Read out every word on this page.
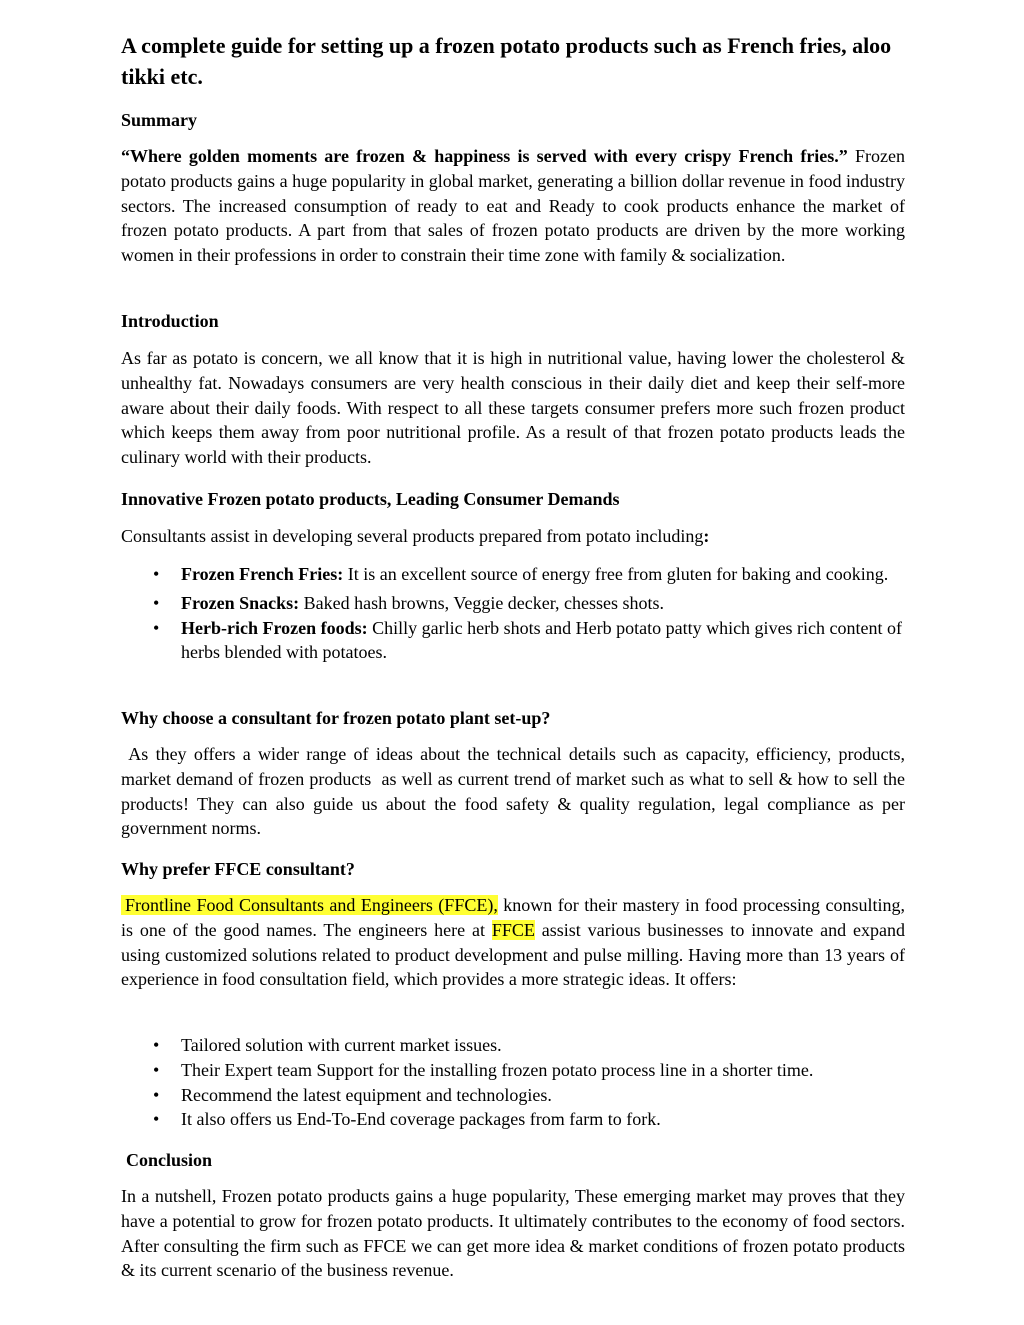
A complete guide for setting up a frozen potato products such as French fries, aloo tikki etc.
Summary

“Where golden moments are frozen & happiness is served with every crispy French fries.” Frozen potato products gains a huge popularity in global market, generating a billion dollar revenue in food industry sectors. The increased consumption of ready to eat and Ready to cook products enhance the market of frozen potato products. A part from that sales of frozen potato products are driven by the more working women in their professions in order to constrain their time zone with family & socialization.

Introduction

As far as potato is concern, we all know that it is high in nutritional value, having lower the cholesterol & unhealthy fat. Nowadays consumers are very health conscious in their daily diet and keep their self-more aware about their daily foods. With respect to all these targets consumer prefers more such frozen product which keeps them away from poor nutritional profile. As a result of that frozen potato products leads the culinary world with their products.

Innovative Frozen potato products, Leading Consumer Demands

Consultants assist in developing several products prepared from potato including:

• Frozen French Fries: It is an excellent source of energy free from gluten for baking and cooking.
• Frozen Snacks: Baked hash browns, Veggie decker, chesses shots.
• Herb-rich Frozen foods: Chilly garlic herb shots and Herb potato patty which gives rich content of herbs blended with potatoes.
Why choose a consultant for frozen potato plant set-up?

As they offers a wider range of ideas about the technical details such as capacity, efficiency, products, market demand of frozen products  as well as current trend of market such as what to sell & how to sell the products! They can also guide us about the food safety & quality regulation, legal compliance as per government norms.

Why prefer FFCE consultant?

Frontline Food Consultants and Engineers (FFCE), known for their mastery in food processing consulting, is one of the good names. The engineers here at FFCE assist various businesses to innovate and expand using customized solutions related to product development and pulse milling. Having more than 13 years of experience in food consultation field, which provides a more strategic ideas. It offers:

• Tailored solution with current market issues.
• Their Expert team Support for the installing frozen potato process line in a shorter time.
• Recommend the latest equipment and technologies.
• It also offers us End-To-End coverage packages from farm to fork.
Conclusion

In a nutshell, Frozen potato products gains a huge popularity, These emerging market may proves that they have a potential to grow for frozen potato products. It ultimately contributes to the economy of food sectors. After consulting the firm such as FFCE we can get more idea & market conditions of frozen potato products & its current scenario of the business revenue.
